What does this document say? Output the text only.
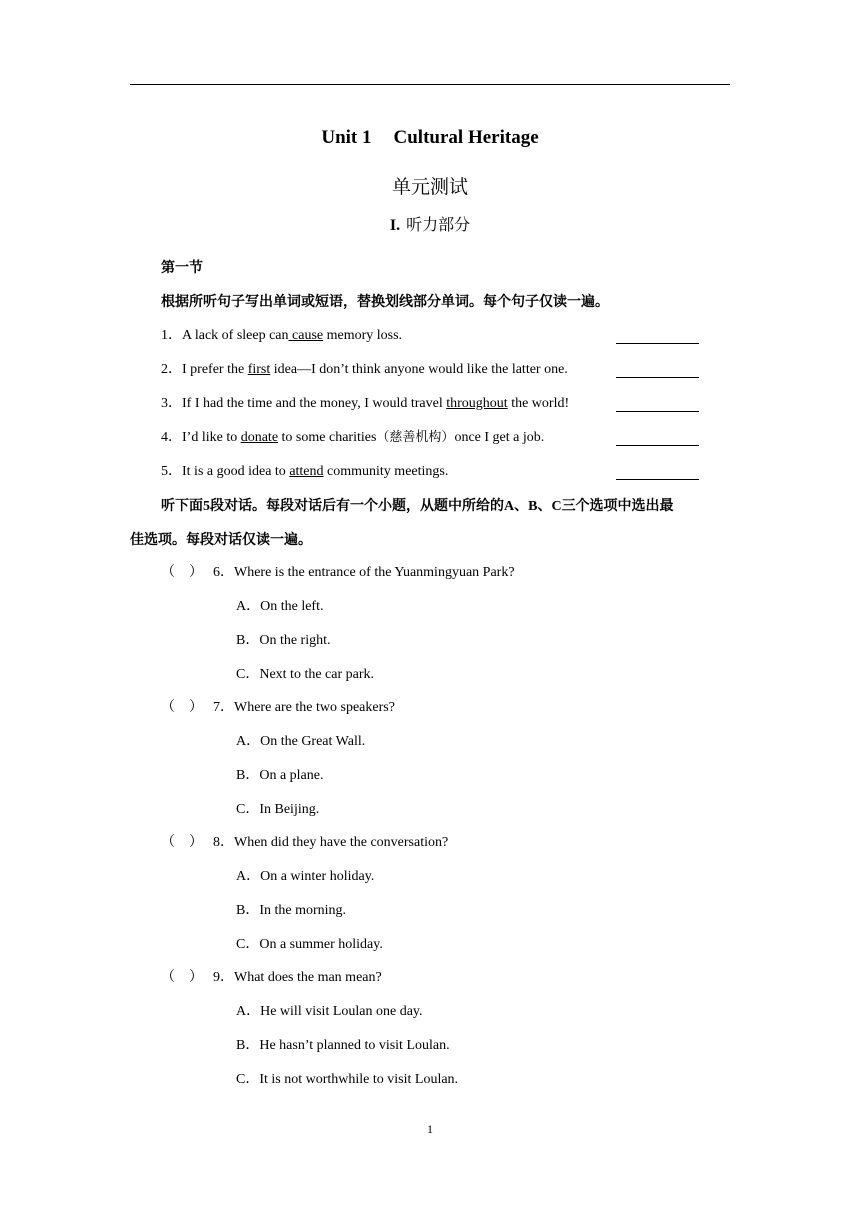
Unit 1 Cultural Heritage
单元测试
I. 听力部分
第一节
根据所听句子写出单词或短语，替换划线部分单词。每个句子仅读一遍。
1．A lack of sleep can cause memory loss.
2．I prefer the first idea—I don’t think anyone would like the latter one.
3．If I had the time and the money, I would travel throughout the world!
4．I’d like to donate to some charities（慈善机构）once I get a job.
5．It is a good idea to attend community meetings.
听下面5段对话。每段对话后有一个小题，从题中所给的A、B、C三个选项中选出最
佳选项。每段对话仅读一遍。
（　） 6．Where is the entrance of the Yuanmingyuan Park?
A．On the left.
B．On the right.
C．Next to the car park.
（　） 7．Where are the two speakers?
A．On the Great Wall.
B．On a plane.
C．In Beijing.
（　） 8．When did they have the conversation?
A．On a winter holiday.
B．In the morning.
C．On a summer holiday.
（　） 9．What does the man mean?
A．He will visit Loulan one day.
B．He hasn’t planned to visit Loulan.
C．It is not worthwhile to visit Loulan.
1
